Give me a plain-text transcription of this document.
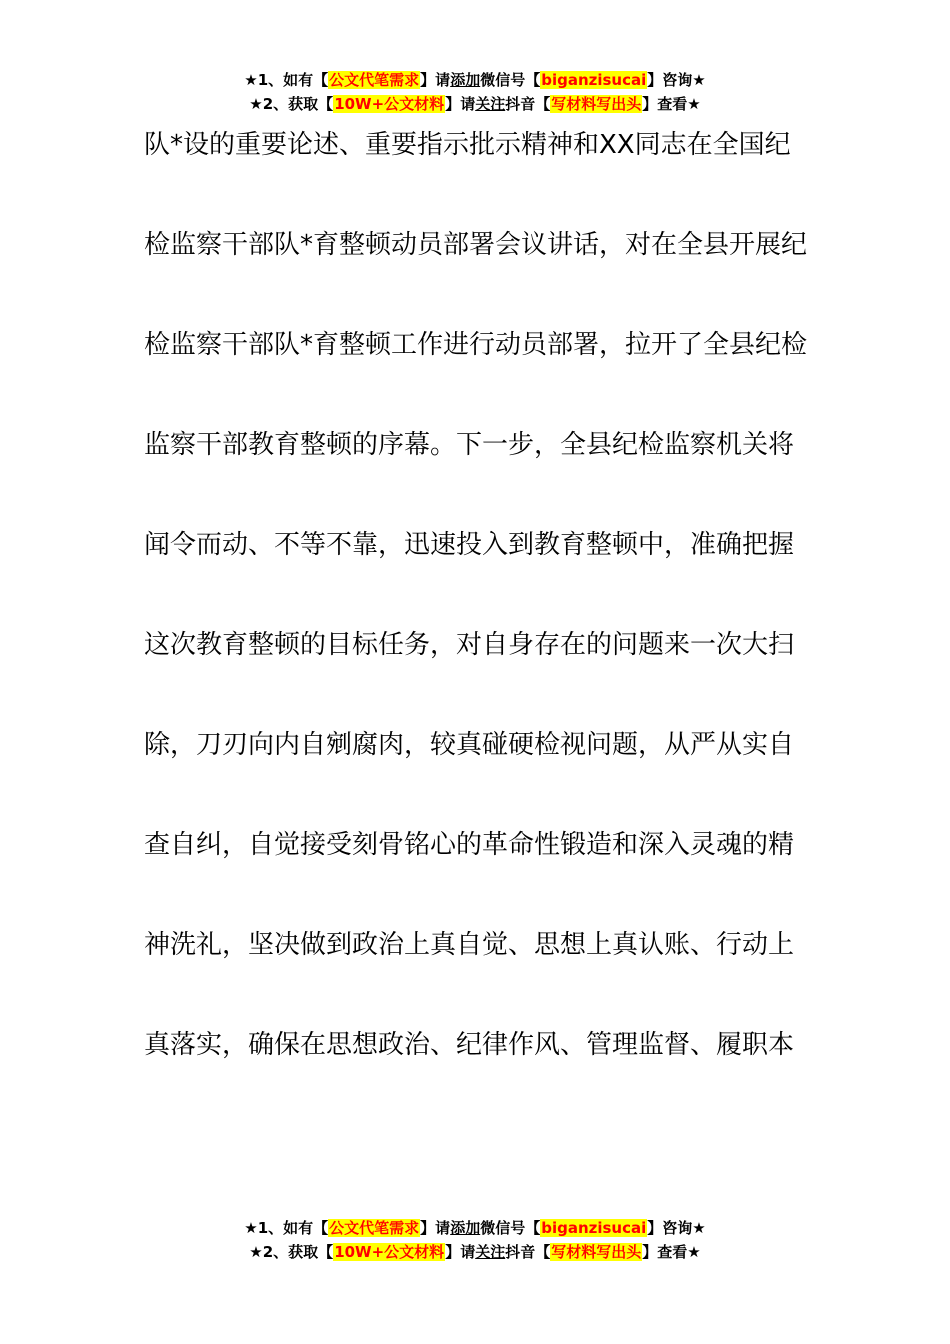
★1、如有【公文代笔需求】请添加微信号【biganzisucai】咨询★
★2、获取【10W+公文材料】请关注抖音【写材料写出头】查看★
队*设的重要论述、重要指示批示精神和XX同志在全国纪
检监察干部队*育整顿动员部署会议讲话，对在全县开展纪
检监察干部队*育整顿工作进行动员部署，拉开了全县纪检
监察干部教育整顿的序幕。下一步，全县纪检监察机关将
闻令而动、不等不靠，迅速投入到教育整顿中，准确把握
这次教育整顿的目标任务，对自身存在的问题来一次大扫
除，刀刃向内自剜腐肉，较真碰硬检视问题，从严从实自
查自纠，自觉接受刻骨铭心的革命性锻造和深入灵魂的精
神洗礼，坚决做到政治上真自觉、思想上真认账、行动上
真落实，确保在思想政治、纪律作风、管理监督、履职本
★1、如有【公文代笔需求】请添加微信号【biganzisucai】咨询★
★2、获取【10W+公文材料】请关注抖音【写材料写出头】查看★
